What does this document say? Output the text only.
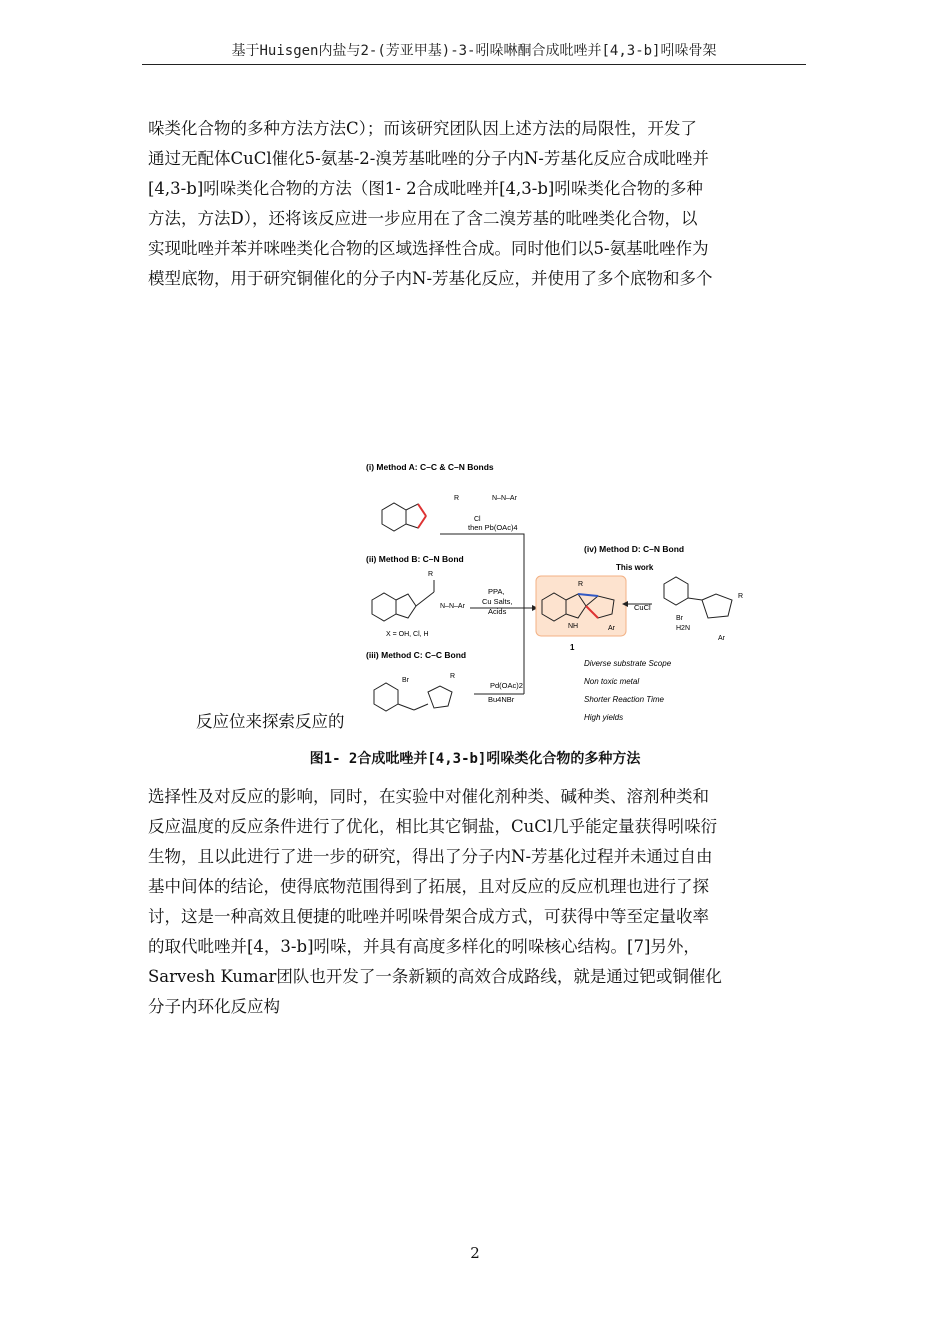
基于Huisgen内盐与2-(芳亚甲基)-3-吲哚啉酮合成吡唑并[4,3-b]吲哚骨架
哚类化合物的多种方法方法C）；而该研究团队因上述方法的局限性，开发了
通过无配体CuCl催化5-氨基-2-溴芳基吡唑的分子内N-芳基化反应合成吡唑并
[4,3-b]吲哚类化合物的方法（图1- 2合成吡唑并[4,3-b]吲哚类化合物的多种
方法，方法D），还将该反应进一步应用在了含二溴芳基的吡唑类化合物，以
实现吡唑并苯并咪唑类化合物的区域选择性合成。同时他们以5-氨基吡唑作为
模型底物，用于研究铜催化的分子内N-芳基化反应，并使用了多个底物和多个
(i) Method A: C–C & C–N Bonds
R	N–N–Ar
Cl
then Pb(OAc)4
(ii) Method B: C–N Bond
R
N–N–Ar
X = OH, Cl, H
PPA,
Cu Salts,
Acids
(iii) Method C: C–C Bond
Br
R
Pd(OAc)2
Bu4NBr
R
NH	Ar
1
(iv) Method D: C–N Bond
This work
CuCl
Br
H2N
R
Ar
Diverse substrate Scope
Non toxic metal
Shorter Reaction Time
High yields
反应位来探索反应的
图1- 2合成吡唑并[4,3-b]吲哚类化合物的多种方法
选择性及对反应的影响，同时，在实验中对催化剂种类、碱种类、溶剂种类和
反应温度的反应条件进行了优化，相比其它铜盐，CuCl几乎能定量获得吲哚衍
生物，且以此进行了进一步的研究，得出了分子内N-芳基化过程并未通过自由
基中间体的结论，使得底物范围得到了拓展，且对反应的反应机理也进行了探
讨，这是一种高效且便捷的吡唑并吲哚骨架合成方式，可获得中等至定量收率
的取代吡唑并[4，3-b]吲哚，并具有高度多样化的吲哚核心结构。[7]另外，
Sarvesh Kumar团队也开发了一条新颖的高效合成路线，就是通过钯或铜催化
分子内环化反应构
2
